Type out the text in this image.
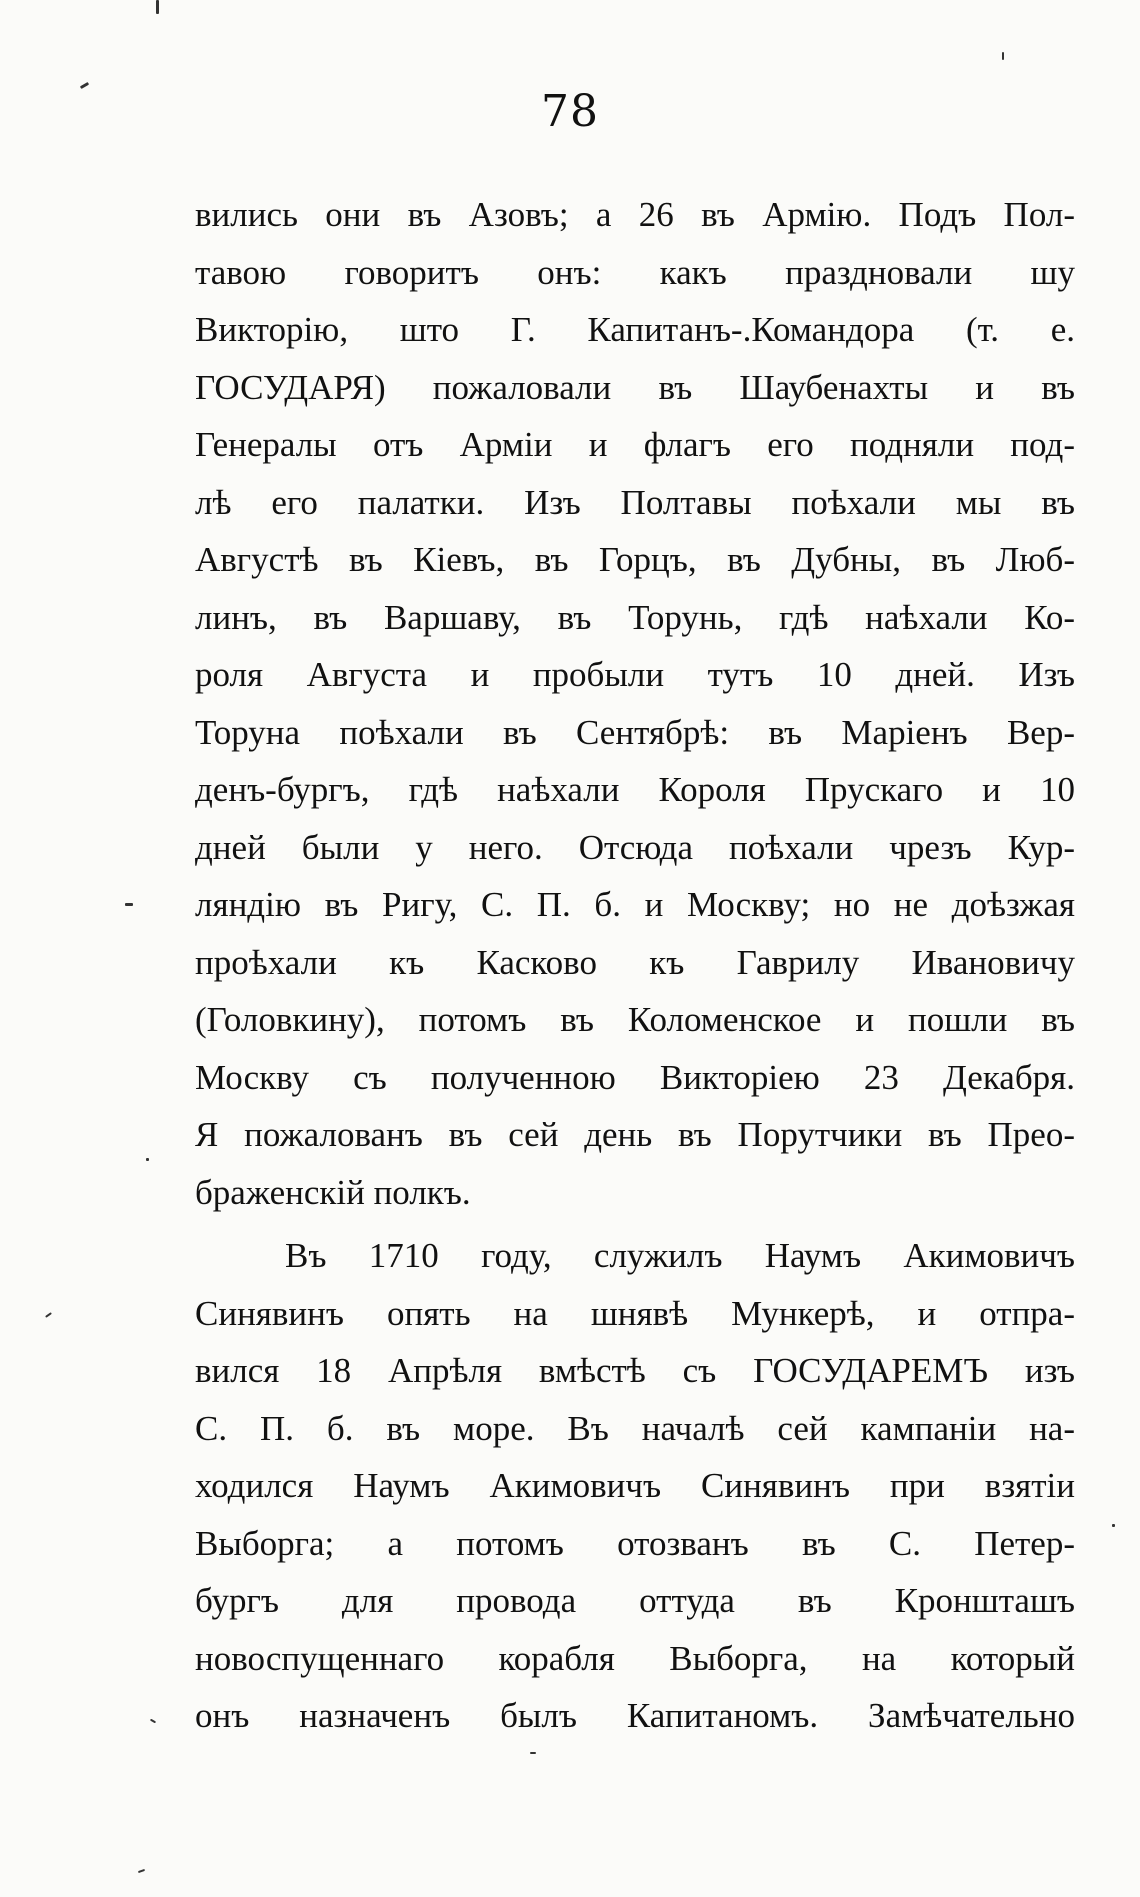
78
вились они въ Азовъ; а 26 въ Армію. Подъ Пол-
тавою говоритъ онъ: какъ праздновали шу
Викторію, што Г. Капитанъ-.Командора (т. е.
ГОСУДАРЯ) пожаловали въ Шаубенахты и въ
Генералы отъ Арміи и флагъ его подняли под-
лѣ его палатки. Изъ Полтавы поѣхали мы въ
Августѣ въ Кіевъ, въ Горцъ, въ Дубны, въ Люб-
линъ, въ Варшаву, въ Торунь, гдѣ наѣхали Ко-
роля Августа и пробыли тутъ 10 дней. Изъ
Торуна поѣхали въ Сентябрѣ: въ Маріенъ Вер-
денъ-бургъ, гдѣ наѣхали Короля Прускаго и 10
дней были у него. Отсюда поѣхали чрезъ Кур-
ляндію въ Ригу, С. П. б. и Москву; но не доѣзжая
проѣхали къ Касково къ Гаврилу Ивановичу
(Головкину), потомъ въ Коломенское и пошли въ
Москву съ полученною Викторіею 23 Декабря.
Я пожалованъ въ сей день въ Порутчики въ Прео-
браженскій полкъ.
Въ 1710 году, служилъ Наумъ Акимовичъ
Синявинъ опять на шнявѣ Мункерѣ, и отпра-
вился 18 Апрѣля вмѣстѣ съ ГОСУДАРЕМЪ изъ
С. П. б. въ море. Въ началѣ сей кампаніи на-
ходился Наумъ Акимовичъ Синявинъ при взятіи
Выборга; а потомъ отозванъ въ С. Петер-
бургъ для провода оттуда въ Кроншташъ
новоспущеннаго корабля Выборга, на который
онъ назначенъ былъ Капитаномъ. Замѣчательно
